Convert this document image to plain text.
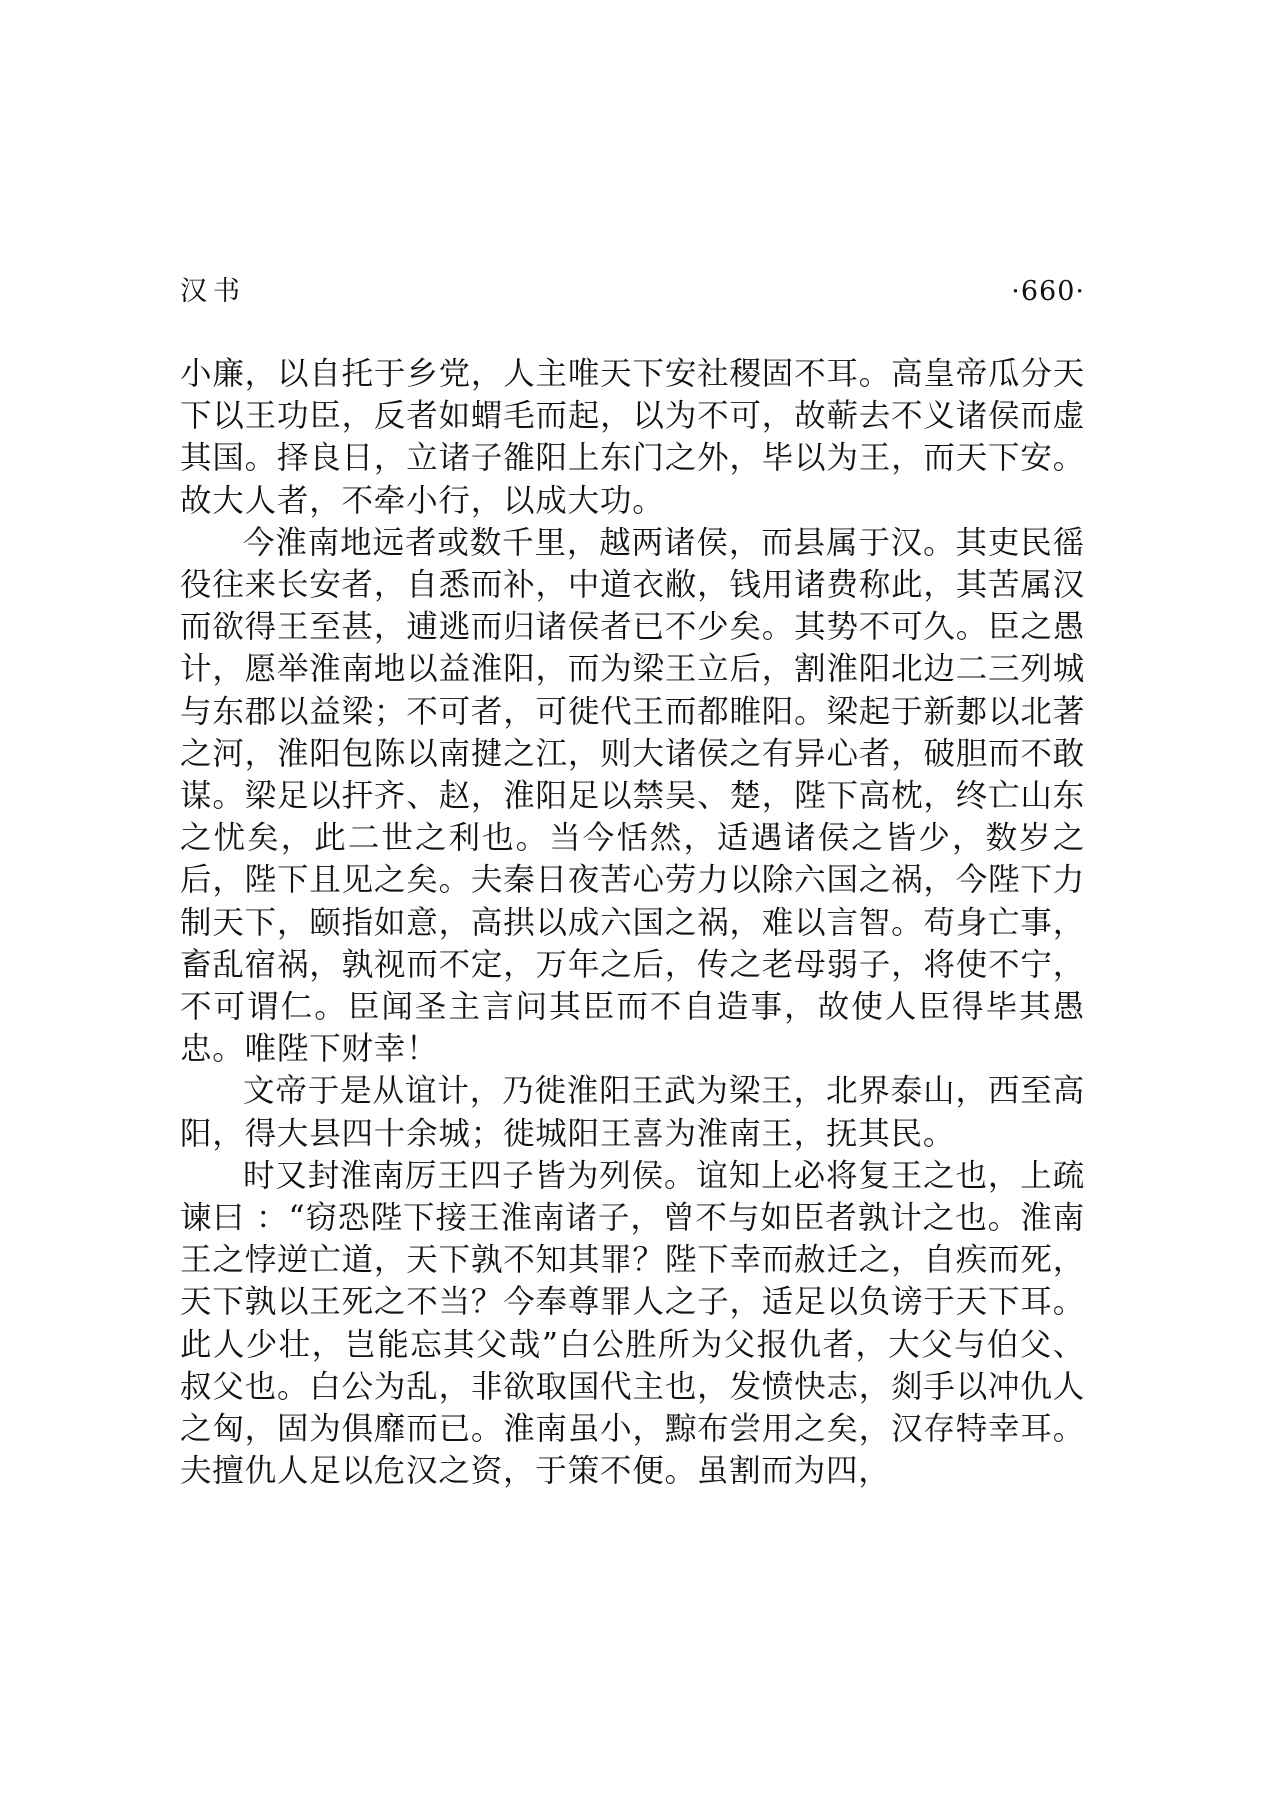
汉书	·660·

小廉，以自托于乡党，人主唯天下安社稷固不耳。高皇帝瓜分天下以王功臣，反者如蝟毛而起，以为不可，故蕲去不义诸侯而虚其国。择良日，立诸子雒阳上东门之外，毕以为王，而天下安。故大人者，不牵小行，以成大功。

今淮南地远者或数千里，越两诸侯，而县属于汉。其吏民徭役往来长安者，自悉而补，中道衣敝，钱用诸费称此，其苦属汉而欲得王至甚，逋逃而归诸侯者已不少矣。其势不可久。臣之愚计，愿举淮南地以益淮阳，而为梁王立后，割淮阳北边二三列城与东郡以益梁；不可者，可徙代王而都睢阳。梁起于新郪以北著之河，淮阳包陈以南揵之江，则大诸侯之有异心者，破胆而不敢谋。梁足以扞齐、赵，淮阳足以禁吴、楚，陛下高枕，终亡山东之忧矣，此二世之利也。当今恬然，适遇诸侯之皆少，数岁之后，陛下且见之矣。夫秦日夜苦心劳力以除六国之祸，今陛下力制天下，颐指如意，高拱以成六国之祸，难以言智。苟身亡事，畜乱宿祸，孰视而不定，万年之后，传之老母弱子，将使不宁，不可谓仁。臣闻圣主言问其臣而不自造事，故使人臣得毕其愚忠。唯陛下财幸！

文帝于是从谊计，乃徙淮阳王武为梁王，北界泰山，西至高阳，得大县四十余城；徙城阳王喜为淮南王，抚其民。

时又封淮南厉王四子皆为列侯。谊知上必将复王之也，上疏谏曰 ：“窃恐陛下接王淮南诸子，曾不与如臣者孰计之也。淮南王之悖逆亡道，天下孰不知其罪？陛下幸而赦迁之，自疾而死，天下孰以王死之不当？今奉尊罪人之子，适足以负谤于天下耳。此人少壮，岂能忘其父哉”白公胜所为父报仇者，大父与伯父、叔父也。白公为乱，非欲取国代主也，发愤快志，剡手以冲仇人之匈，固为俱靡而已。淮南虽小，黥布尝用之矣，汉存特幸耳。夫擅仇人足以危汉之资，于策不便。虽割而为四，
